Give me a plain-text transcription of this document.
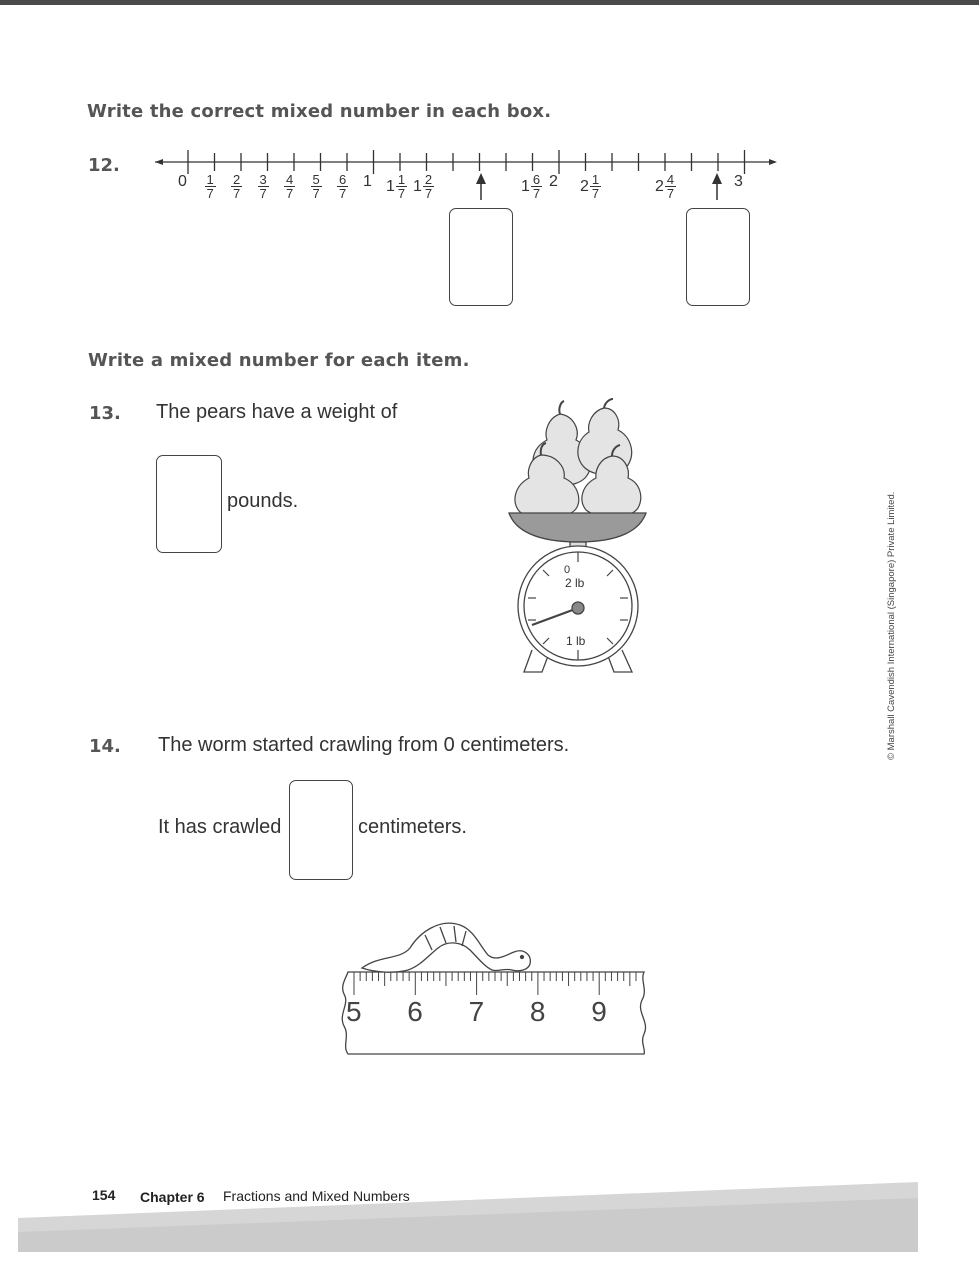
Write the correct mixed number in each box.
12.
0 1
7
2
7
3
7
4
7
5
7
6
7
1 1 1
7 1 2
7	1 6
7
2 2 1
7	2 4
7
3
Write a mixed number for each item.
13. The pears have a weight of
pounds.
0
2 lb
1 lb
14. The worm started crawling from 0 centimeters.
It has crawled	centimeters.
5 6 7 8 9
© Marshall Cavendish International (Singapore) Private Limited.
154 Chapter 6 Fractions and Mixed Numbers
